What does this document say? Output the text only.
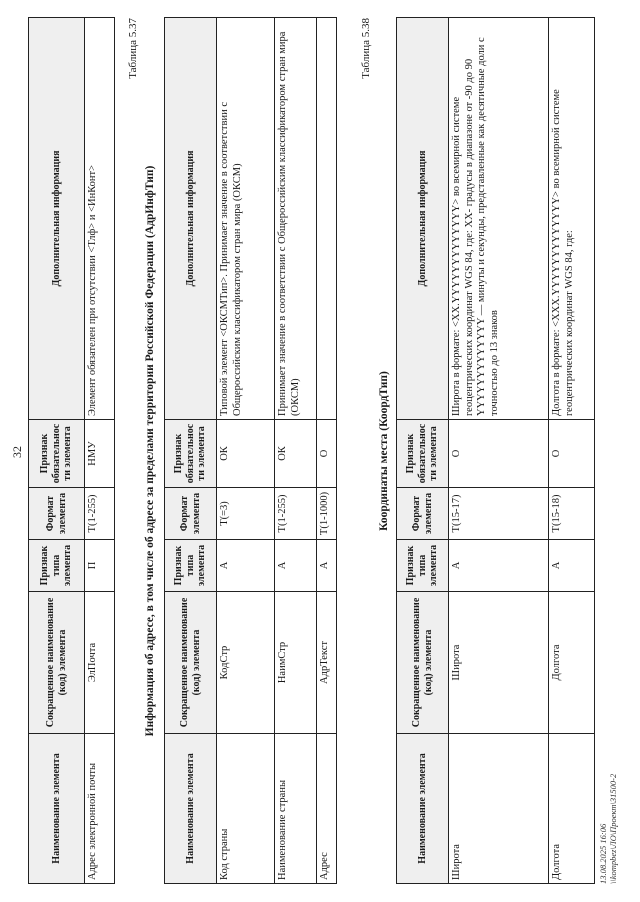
32
Наименование элемента	Сокращенное наименование (код) элемента	Признак типа элемента	Формат элемента	Признак обязательности элемента	Дополнительная информация
Адрес электронной почты	ЭлПочта	П	T(1-255)	НМУ	Элемент обязателен при отсутствии <Тлф> и <ИнКонт>
Таблица 5.37
Информация об адресе, в том числе об адресе за пределами территории Российской Федерации (АдрИнфТип)
Наименование элемента	Сокращенное наименование (код) элемента	Признак типа элемента	Формат элемента	Признак обязательности элемента	Дополнительная информация
Код страны	КодСтр	А	T(=3)	ОК	Типовой элемент <ОКСМТип>. Принимает значение в соответствии с Общероссийским классификатором стран мира (ОКСМ)
Наименование страны	НаимСтр	А	T(1-255)	ОК	Принимает значение в соответствии с Общероссийским классификатором стран мира (ОКСМ)
Адрес	АдрТекст	А	T(1-1000)	О	
Таблица 5.38
Координаты места (КоордТип)
Наименование элемента	Сокращенное наименование (код) элемента	Признак типа элемента	Формат элемента	Признак обязательности элемента	Дополнительная информация
Широта	Широта	А	T(15-17)	О	Широта в формате: <XX.YYYYYYYYYYYYY> во всемирной системе геоцентрических координат WGS 84, где: XX- градусы в диапазоне от -90 до 90 YYYYYYYYYYYYY — минуты и секунды, представленные как десятичные доли с точностью до 13 знаков
Долгота	Долгота	А	T(15-18)	О	Долгота в формате: <XXX.YYYYYYYYYYYYY> во всемирной системе геоцентрических координат WGS 84, где:
13.08.2025 16:06 \\kompbez\ЛО\Проект\31500-2
